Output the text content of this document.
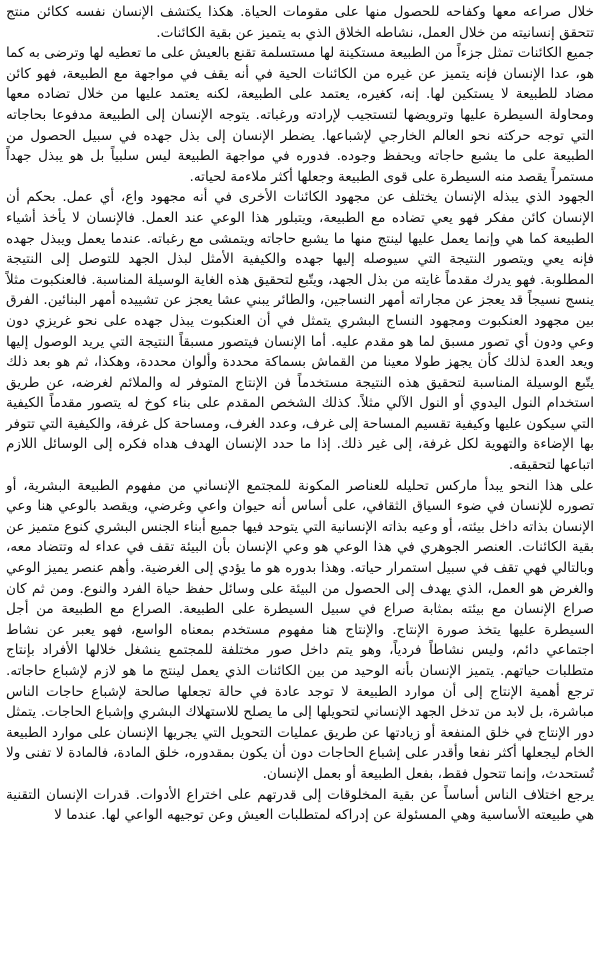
خلال صراعه معها وكفاحه للحصول منها على مقومات الحياة. هكذا يكتشف الإنسان نفسه ككائن منتج تتحقق إنسانيته من خلال العمل، نشاطه الخلاق الذي به يتميز عن بقية الكائنات.

جميع الكائنات تمثل جزءاً من الطبيعة مستكينة لها مستسلمة تقنع بالعيش على ما تعطيه لها وترضى به كما هو، عدا الإنسان فإنه يتميز عن غيره من الكائنات الحية في أنه يقف في مواجهة مع الطبيعة، فهو كائن مضاد للطبيعة لا يستكين لها. إنه، كغيره، يعتمد على الطبيعة، لكنه يعتمد عليها من خلال تضاده معها ومحاولة السيطرة عليها وترويضها لتستجيب لإرادته ورغباته. يتوجه الإنسان إلى الطبيعة مدفوعا بحاجاته التي توجه حركته نحو العالم الخارجي لإشباعها. يضطر الإنسان إلى بذل جهده في سبيل الحصول من الطبيعة على ما يشبع حاجاته ويحفظ وجوده. فدوره في مواجهة الطبيعة ليس سلبياً بل هو يبذل جهداً مستمراً يقصد منه السيطرة على قوى الطبيعة وجعلها أكثر ملاءمة لحياته.

الجهود الذي يبذله الإنسان يختلف عن مجهود الكائنات الأخرى في أنه مجهود واع، أي عمل. بحكم أن الإنسان كائن مفكر فهو يعي تضاده مع الطبيعة، ويتبلور هذا الوعي عند العمل. فالإنسان لا يأخذ أشياء الطبيعة كما هي وإنما يعمل عليها لينتج منها ما يشبع حاجاته ويتمشى مع رغباته. عندما يعمل ويبذل جهده فإنه يعي ويتصور النتيجة التي سيوصله إليها جهده والكيفية الأمثل لبذل الجهد للتوصل إلى النتيجة المطلوبة. فهو يدرك مقدماً غايته من بذل الجهد، ويتّبع لتحقيق هذه الغاية الوسيلة المناسبة. فالعنكبوت مثلاً ينسج نسيجاً قد يعجز عن مجاراته أمهر النساجين، والطائر يبني عشا يعجز عن تشييده أمهر البنائين. الفرق بين مجهود العنكبوت ومجهود النساج البشري يتمثل في أن العنكبوت يبذل جهده على نحو غريزي دون وعي ودون أي تصور مسبق لما هو مقدم عليه. أما الإنسان فيتصور مسبقاً النتيجة التي يريد الوصول إليها ويعد العدة لذلك كأن يجهز طولا معينا من القماش بسماكة محددة وألوان محددة، وهكذا، ثم هو بعد ذلك يتّبع الوسيلة المناسبة لتحقيق هذه النتيجة مستخدماً فن الإنتاج المتوفر له والملائم لغرضه، عن طريق استخدام النول اليدوي أو النول الآلي مثلاً. كذلك الشخص المقدم على بناء كوخ له يتصور مقدماً الكيفية التي سيكون عليها وكيفية تقسيم المساحة إلى غرف، وعدد الغرف، ومساحة كل غرفة، والكيفية التي تتوفر بها الإضاءة والتهوية لكل غرفة، إلى غير ذلك. إذا ما حدد الإنسان الهدف هداه فكره إلى الوسائل اللازم اتباعها لتحقيقه.

على هذا النحو يبدأ ماركس تحليله للعناصر المكونة للمجتمع الإنساني من مفهوم الطبيعة البشرية، أو تصوره للإنسان في ضوء السياق الثقافي، على أساس أنه حيوان واعي وغرضي، ويقصد بالوعي هنا وعي الإنسان بذاته داخل بيئته، أو وعيه بذاته الإنسانية التي يتوحد فيها جميع أبناء الجنس البشري كنوع متميز عن بقية الكائنات. العنصر الجوهري في هذا الوعي هو وعي الإنسان بأن البيئة تقف في عداء له وتتضاد معه، وبالتالي فهي تقف في سبيل استمرار حياته. وهذا بدوره هو ما يؤدي إلى الغرضية. وأهم عنصر يميز الوعي والغرض هو العمل، الذي يهدف إلى الحصول من البيئة على وسائل حفظ حياة الفرد والنوع. ومن ثم كان صراع الإنسان مع بيئته بمثابة صراع في سبيل السيطرة على الطبيعة. الصراع مع الطبيعة من أجل السيطرة عليها يتخذ صورة الإنتاج. والإنتاج هنا مفهوم مستخدم بمعناه الواسع، فهو يعبر عن نشاط اجتماعي دائم، وليس نشاطاً فردياً، وهو يتم داخل صور مختلفة للمجتمع ينشغل خلالها الأفراد بإنتاج متطلبات حياتهم. يتميز الإنسان بأنه الوحيد من بين الكائنات الذي يعمل لينتج ما هو لازم لإشباع حاجاته. ترجع أهمية الإنتاج إلى أن موارد الطبيعة لا توجد عادة في حالة تجعلها صالحة لإشباع حاجات الناس مباشرة، بل لابد من تدخل الجهد الإنساني لتحويلها إلى ما يصلح للاستهلاك البشري وإشباع الحاجات. يتمثل دور الإنتاج في خلق المنفعة أو زيادتها عن طريق عمليات التحويل التي يجريها الإنسان على موارد الطبيعة الخام ليجعلها أكثر نفعا وأقدر على إشباع الحاجات دون أن يكون بمقدوره، خلق المادة، فالمادة لا تفنى ولا تُستحدث، وإنما تتحول فقط، بفعل الطبيعة أو بعمل الإنسان.

يرجع اختلاف الناس أساساً عن بقية المخلوقات إلى قدرتهم على اختراع الأدوات. قدرات الإنسان التقنية هي طبيعته الأساسية وهي المسئولة عن إدراكه لمتطلبات العيش وعن توجيهه الواعي لها. عندما لا
